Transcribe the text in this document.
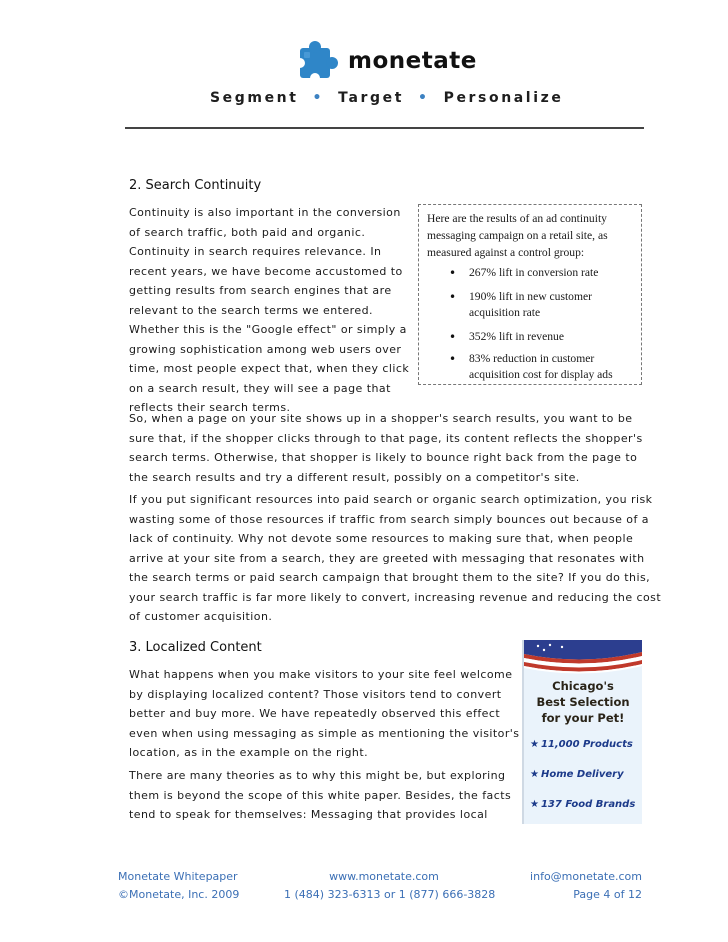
monetate
Segment • Target • Personalize
2. Search Continuity
Continuity is also important in the conversion
of search traffic, both paid and organic.
Continuity in search requires relevance. In
recent years, we have become accustomed to
getting results from search engines that are
relevant to the search terms we entered.
Whether this is the "Google effect" or simply a
growing sophistication among web users over
time, most people expect that, when they click
on a search result, they will see a page that
reflects their search terms.
Here are the results of an ad continuity
messaging campaign on a retail site, as
measured against a control group:
• 267% lift in conversion rate
• 190% lift in new customer
acquisition rate
• 352% lift in revenue
• 83% reduction in customer
acquisition cost for display ads
So, when a page on your site shows up in a shopper's search results, you want to be
sure that, if the shopper clicks through to that page, its content reflects the shopper's
search terms. Otherwise, that shopper is likely to bounce right back from the page to
the search results and try a different result, possibly on a competitor's site.
If you put significant resources into paid search or organic search optimization, you risk
wasting some of those resources if traffic from search simply bounces out because of a
lack of continuity. Why not devote some resources to making sure that, when people
arrive at your site from a search, they are greeted with messaging that resonates with
the search terms or paid search campaign that brought them to the site? If you do this,
your search traffic is far more likely to convert, increasing revenue and reducing the cost
of customer acquisition.
3. Localized Content
What happens when you make visitors to your site feel welcome
by displaying localized content? Those visitors tend to convert
better and buy more. We have repeatedly observed this effect
even when using messaging as simple as mentioning the visitor's
location, as in the example on the right.
There are many theories as to why this might be, but exploring
them is beyond the scope of this white paper. Besides, the facts
tend to speak for themselves: Messaging that provides local
Chicago's
Best Selection
for your Pet!
★ 11,000 Products
★ Home Delivery
★ 137 Food Brands
Monetate Whitepaper
©Monetate, Inc. 2009
www.monetate.com
1 (484) 323-6313 or 1 (877) 666-3828
info@monetate.com
Page 4 of 12
